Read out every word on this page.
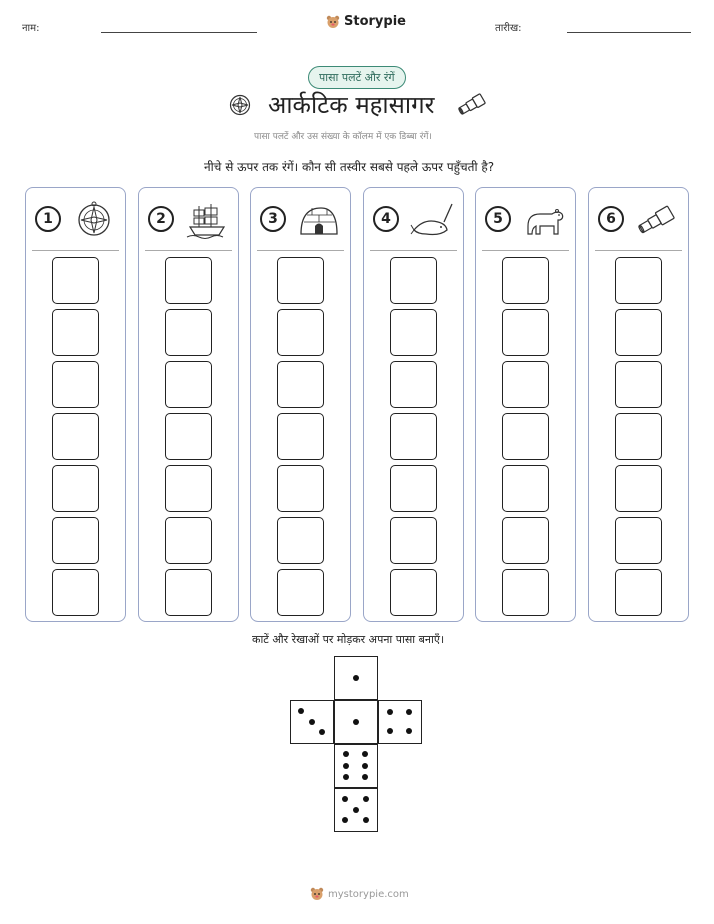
नाम:	Storypie	तारीख:
पासा पलटें और रंगें
आर्कटिक महासागर
पासा पलटें और उस संख्या के कॉलम में एक डिब्बा रंगें।
नीचे से ऊपर तक रंगें। कौन सी तस्वीर सबसे पहले ऊपर पहुँचती है?
1	2	3	4	5	6
काटें और रेखाओं पर मोड़कर अपना पासा बनाएँ।
mystorypie.com
